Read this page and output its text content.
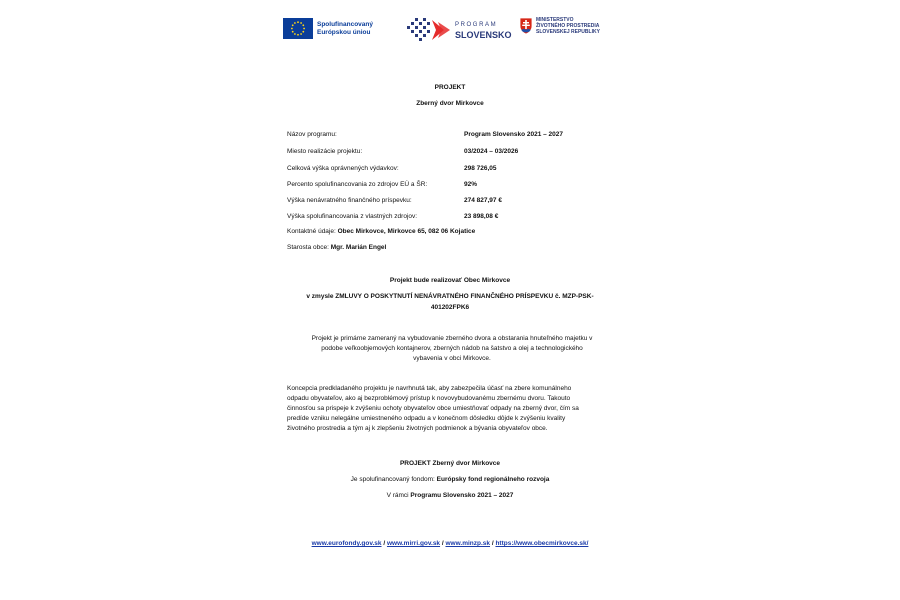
Spolufinancovaný
Európskou úniou
PROGRAM
SLOVENSKO
MINISTERSTVO
ŽIVOTNÉHO PROSTREDIA
SLOVENSKEJ REPUBLIKY
PROJEKT
Zberný dvor Mirkovce
Názov programu:	Program Slovensko 2021 – 2027
Miesto realizácie projektu:	03/2024 – 03/2026
Celková výška oprávnených výdavkov:	298 726,05
Percento spolufinancovania zo zdrojov EÚ a ŠR:	92%
Výška nenávratného finančného príspevku:	274 827,97 €
Výška spolufinancovania z vlastných zdrojov:	23 898,08 €
Kontaktné údaje: Obec Mirkovce, Mirkovce 65, 082 06 Kojatice
Starosta obce: Mgr. Marián Engel
Projekt bude realizovať Obec Mirkovce
v zmysle ZMLUVY O POSKYTNUTÍ NENÁVRATNÉHO FINANČNÉHO PRÍSPEVKU č. MZP-PSK-
401202FPK6
Projekt je primárne zameraný na vybudovanie zberného dvora a obstarania hnuteľného majetku v
podobe veľkoobjemových kontajnerov, zberných nádob na šatstvo a olej a technologického
vybavenia v obci Mirkovce.
Koncepcia predkladaného projektu je navrhnutá tak, aby zabezpečila účasť na zbere komunálneho
odpadu obyvateľov, ako aj bezproblémový prístup k novovybudovanému zbernému dvoru. Takouto
činnosťou sa prispeje k zvýšeniu ochoty obyvateľov obce umiestňovať odpady na zberný dvor, čím sa
predíde vzniku nelegálne umiestneného odpadu a v konečnom dôsledku dôjde k zvýšeniu kvality
životného prostredia a tým aj k zlepšeniu životných podmienok a bývania obyvateľov obce.
PROJEKT Zberný dvor Mirkovce
Je spolufinancovaný fondom: Európsky fond regionálneho rozvoja
V rámci Programu Slovensko 2021 – 2027
www.eurofondy.gov.sk / www.mirri.gov.sk / www.minzp.sk / https://www.obecmirkovce.sk/
